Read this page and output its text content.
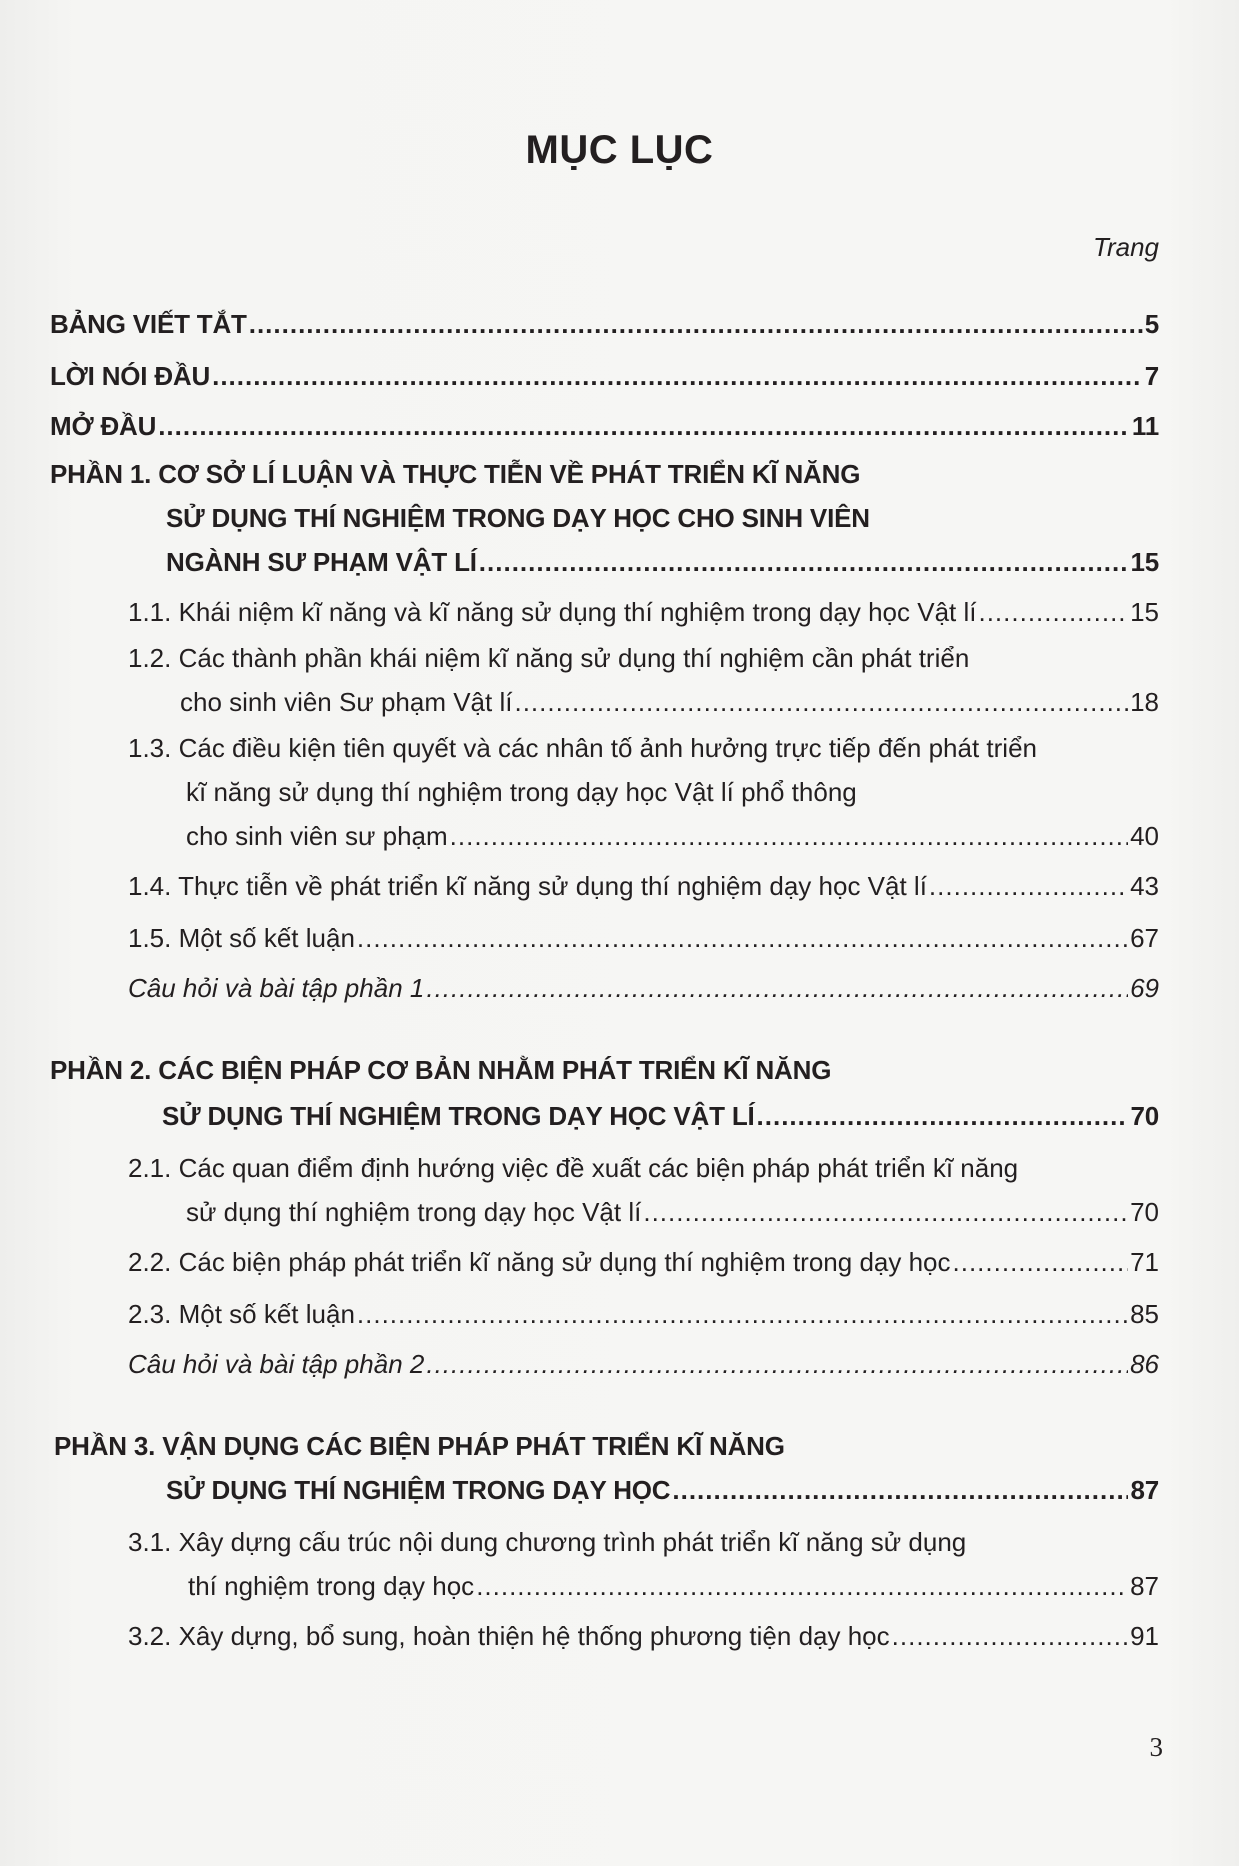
MỤC LỤC
Trang
BẢNG VIẾT TẮT .....	5
LỜI NÓI ĐẦU .....	7
MỞ ĐẦU .....	11
PHẦN 1. CƠ SỞ LÍ LUẬN VÀ THỰC TIỄN VỀ PHÁT TRIỂN KĨ NĂNG
SỬ DỤNG THÍ NGHIỆM TRONG DẠY HỌC CHO SINH VIÊN
NGÀNH SƯ PHẠM VẬT LÍ .....	15
1.1. Khái niệm kĩ năng và kĩ năng sử dụng thí nghiệm trong dạy học Vật lí .....	15
1.2. Các thành phần khái niệm kĩ năng sử dụng thí nghiệm cần phát triển
cho sinh viên Sư phạm Vật lí .....	18
1.3. Các điều kiện tiên quyết và các nhân tố ảnh hưởng trực tiếp đến phát triển
kĩ năng sử dụng thí nghiệm trong dạy học Vật lí phổ thông
cho sinh viên sư phạm .....	40
1.4. Thực tiễn về phát triển kĩ năng sử dụng thí nghiệm dạy học Vật lí .....	43
1.5. Một số kết luận .....	67
Câu hỏi và bài tập phần 1 .....	69
PHẦN 2. CÁC BIỆN PHÁP CƠ BẢN NHẰM PHÁT TRIỂN KĨ NĂNG
SỬ DỤNG THÍ NGHIỆM TRONG DẠY HỌC VẬT LÍ .....	70
2.1. Các quan điểm định hướng việc đề xuất các biện pháp phát triển kĩ năng
sử dụng thí nghiệm trong dạy học Vật lí .....	70
2.2. Các biện pháp phát triển kĩ năng sử dụng thí nghiệm trong dạy học .....	71
2.3. Một số kết luận .....	85
Câu hỏi và bài tập phần 2 .....	86
PHẦN 3. VẬN DỤNG CÁC BIỆN PHÁP PHÁT TRIỂN KĨ NĂNG
SỬ DỤNG THÍ NGHIỆM TRONG DẠY HỌC .....	87
3.1. Xây dựng cấu trúc nội dung chương trình phát triển kĩ năng sử dụng
thí nghiệm trong dạy học .....	87
3.2. Xây dựng, bổ sung, hoàn thiện hệ thống phương tiện dạy học .....	91
3
